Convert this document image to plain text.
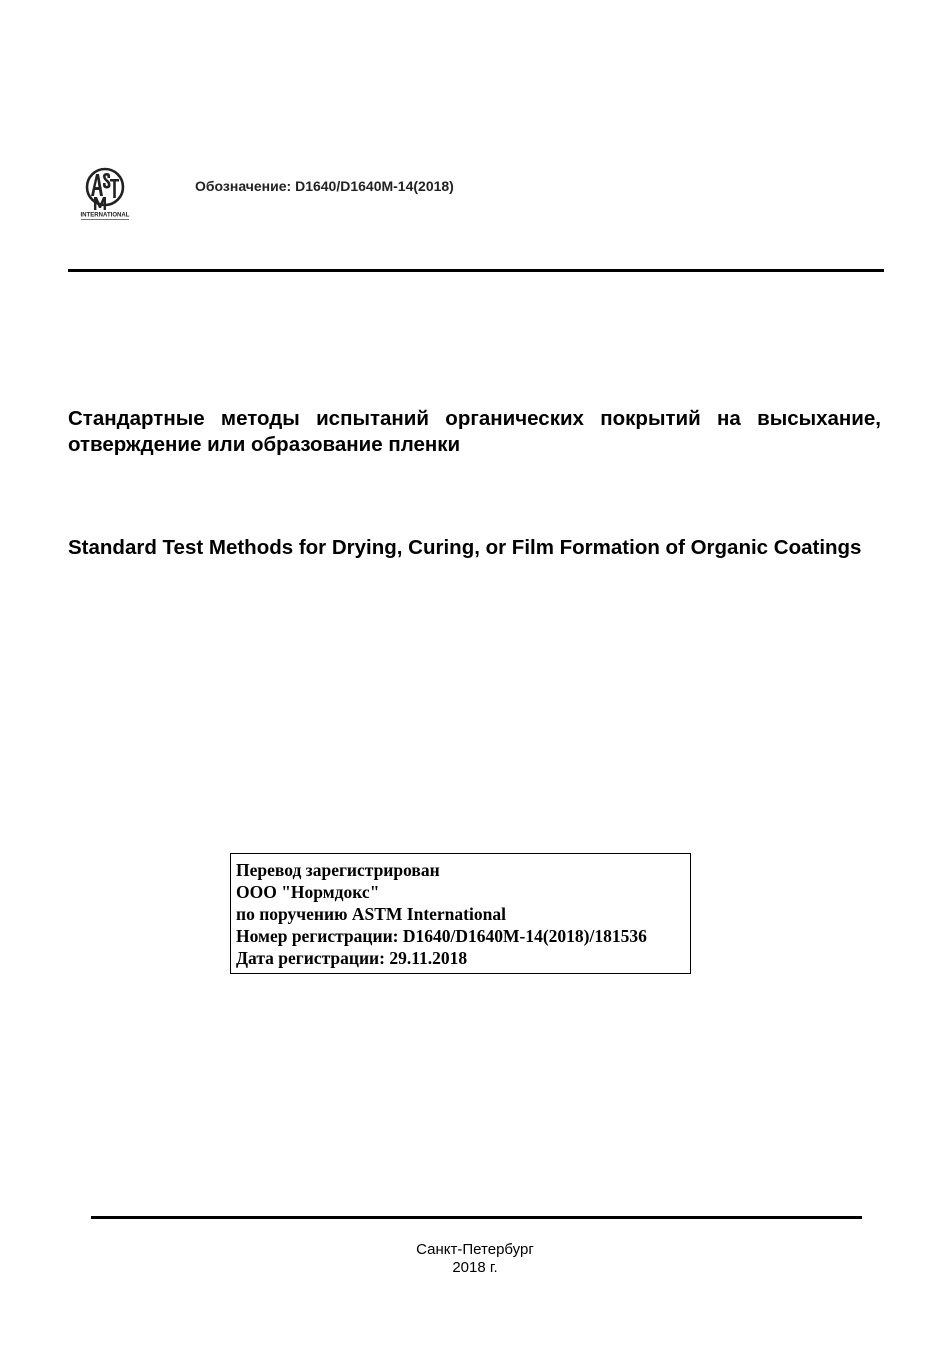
INTERNATIONAL
Обозначение: D1640/D1640M-14(2018)
Стандартные методы испытаний органических покрытий на высыхание, отверждение или образование пленки
Standard Test Methods for Drying, Curing, or Film Formation of Organic Coatings
Перевод зарегистрирован
ООО "Нормдокс"
по поручению ASTM International
Номер регистрации: D1640/D1640M-14(2018)/181536
Дата регистрации: 29.11.2018
Санкт-Петербург
2018 г.
